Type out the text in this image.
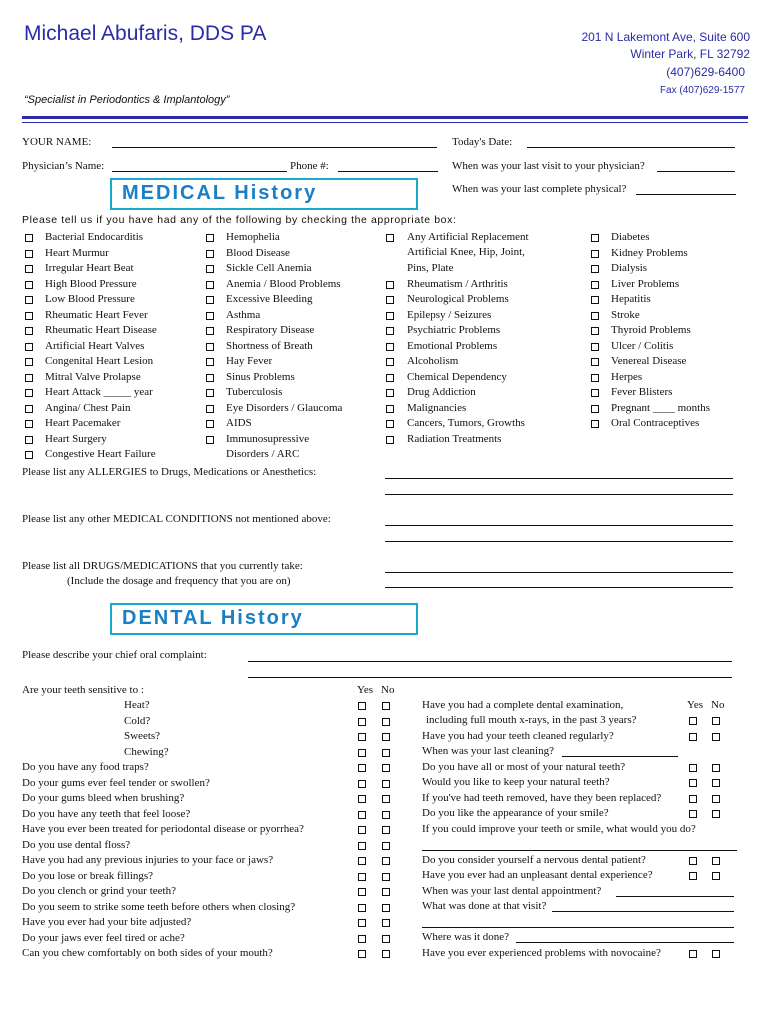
Michael Abufaris, DDS PA	201 N Lakemont Ave, Suite 600
Winter Park, FL 32792
(407)629-6400
Fax (407)629-1577
“Specialist in Periodontics & Implantology”
YOUR NAME:	Today's Date:
Physician’s Name:	Phone #:	When was your last visit to your physician?
When was your last complete physical?
MEDICAL History
Please tell us if you have had any of the following by checking the appropriate box:
Bacterial Endocarditis
Heart Murmur
Irregular Heart Beat
High Blood Pressure
Low Blood Pressure
Rheumatic Heart Fever
Rheumatic Heart Disease
Artificial Heart Valves
Congenital Heart Lesion
Mitral Valve Prolapse
Heart Attack _____ year
Angina/ Chest Pain
Heart Pacemaker
Heart Surgery
Congestive Heart Failure
Hemophelia
Blood Disease
Sickle Cell Anemia
Anemia / Blood Problems
Excessive Bleeding
Asthma
Respiratory Disease
Shortness of Breath
Hay Fever
Sinus Problems
Tuberculosis
Eye Disorders / Glaucoma
AIDS
Immunosupressive
Any Artificial Replacement
Rheumatism / Arthritis
Neurological Problems
Epilepsy / Seizures
Psychiatric Problems
Emotional Problems
Alcoholism
Chemical Dependency
Drug Addiction
Malignancies
Cancers, Tumors, Growths
Radiation Treatments
Diabetes
Kidney Problems
Dialysis
Liver Problems
Hepatitis
Stroke
Thyroid Problems
Ulcer / Colitis
Venereal Disease
Herpes
Fever Blisters
Pregnant ____ months
Oral Contraceptives
Disorders / ARC
Artificial Knee, Hip, Joint,
Pins, Plate
Please list any ALLERGIES to Drugs, Medications or Anesthetics:
Please list any other MEDICAL CONDITIONS not mentioned above:
Please list all DRUGS/MEDICATIONS that you currently take:
(Include the dosage and frequency that you are on)
DENTAL History
Please describe your chief oral complaint:
Yes No
Are your teeth sensitive to :
Heat?
Cold?
Sweets?
Chewing?
Do you have any food traps?
Do your gums ever feel tender or swollen?
Do your gums bleed when brushing?
Do you have any teeth that feel loose?
Have you ever been treated for periodontal disease or pyorrhea?
Do you use dental floss?
Have you had any previous injuries to your face or jaws?
Do you lose or break fillings?
Do you clench or grind your teeth?
Do you seem to strike some teeth before others when closing?
Have you ever had your bite adjusted?
Do your jaws ever feel tired or ache?
Can you chew comfortably on both sides of your mouth?
Yes No
Have you had a complete dental examination,
including full mouth x-rays, in the past 3 years?
Have you had your teeth cleaned regularly?
When was your last cleaning?
Do you have all or most of your natural teeth?
Would you like to keep your natural teeth?
If you've had teeth removed, have they been replaced?
Do you like the appearance of your smile?
If you could improve your teeth or smile, what would you do?
Do you consider yourself a nervous dental patient?
Have you ever had an unpleasant dental experience?
When was your last dental appointment?
What was done at that visit?
Where was it done?
Have you ever experienced problems with novocaine?
